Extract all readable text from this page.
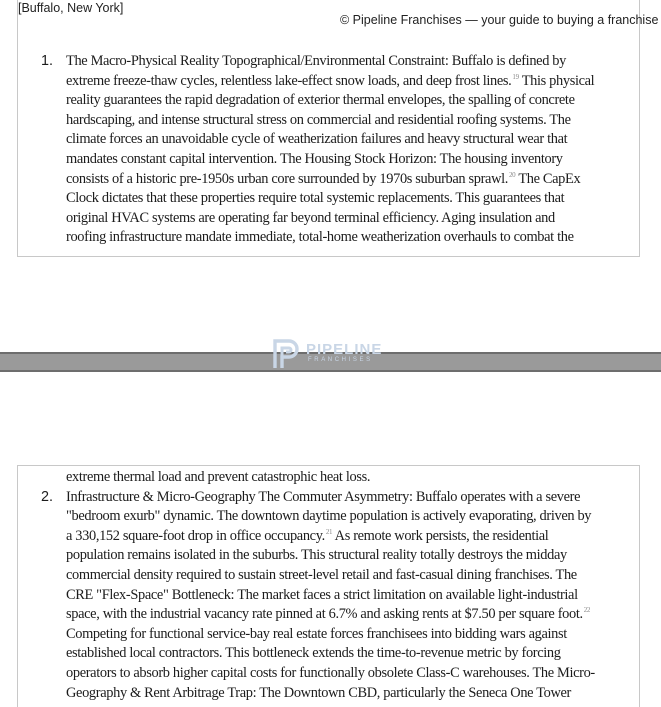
[Buffalo, New York]
© Pipeline Franchises — your guide to buying a franchise
1. The Macro-Physical Reality Topographical/Environmental Constraint: Buffalo is defined by
extreme freeze-thaw cycles, relentless lake-effect snow loads, and deep frost lines.$^{19}$ This physical
reality guarantees the rapid degradation of exterior thermal envelopes, the spalling of concrete
hardscaping, and intense structural stress on commercial and residential roofing systems. The
climate forces an unavoidable cycle of weatherization failures and heavy structural wear that
mandates constant capital intervention. The Housing Stock Horizon: The housing inventory
consists of a historic pre-1950s urban core surrounded by 1970s suburban sprawl.$^{20}$ The CapEx
Clock dictates that these properties require total systemic replacements. This guarantees that
original HVAC systems are operating far beyond terminal efficiency. Aging insulation and
roofing infrastructure mandate immediate, total-home weatherization overhauls to combat the
PIPELINE
FRANCHISES
2.
extreme thermal load and prevent catastrophic heat loss.
Infrastructure & Micro-Geography The Commuter Asymmetry: Buffalo operates with a severe
"bedroom exurb" dynamic. The downtown daytime population is actively evaporating, driven by
a 330,152 square-foot drop in office occupancy.$^{21}$ As remote work persists, the residential
population remains isolated in the suburbs. This structural reality totally destroys the midday
commercial density required to sustain street-level retail and fast-casual dining franchises. The
CRE "Flex-Space" Bottleneck: The market faces a strict limitation on available light-industrial
space, with the industrial vacancy rate pinned at 6.7% and asking rents at $7.50 per square foot.$^{22}$
Competing for functional service-bay real estate forces franchisees into bidding wars against
established local contractors. This bottleneck extends the time-to-revenue metric by forcing
operators to absorb higher capital costs for functionally obsolete Class-C warehouses. The Micro-
Geography & Rent Arbitrage Trap: The Downtown CBD, particularly the Seneca One Tower
